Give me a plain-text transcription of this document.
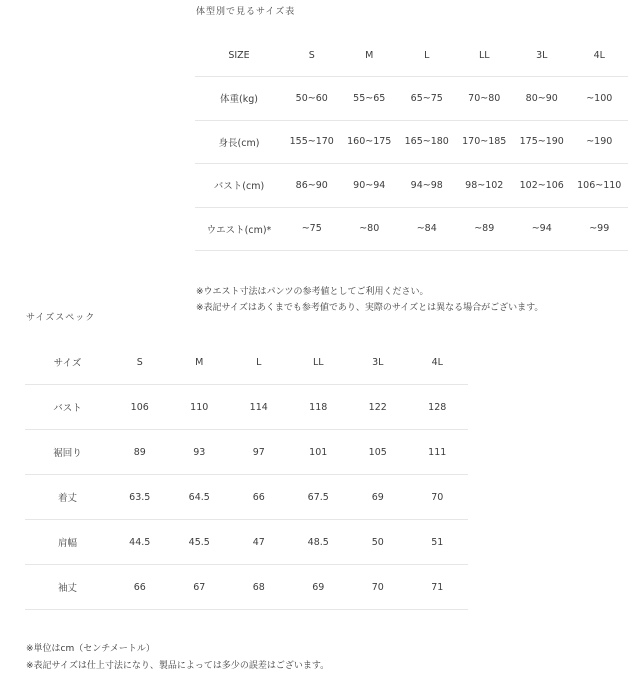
体型別で見るサイズ表
SIZE	S	M	L	LL	3L	4L
体重(kg)	50~60	55~65	65~75	70~80	80~90	~100
身長(cm)	155~170	160~175	165~180	170~185	175~190	~190
バスト(cm)	86~90	90~94	94~98	98~102	102~106	106~110
ウエスト(cm)*	~75	~80	~84	~89	~94	~99
※ウエスト寸法はパンツの参考値としてご利用ください。
※表記サイズはあくまでも参考値であり、実際のサイズとは異なる場合がございます。
サイズスペック
サイズ	S	M	L	LL	3L	4L
バスト	106	110	114	118	122	128
裾回り	89	93	97	101	105	111
着丈	63.5	64.5	66	67.5	69	70
肩幅	44.5	45.5	47	48.5	50	51
袖丈	66	67	68	69	70	71
※単位はcm（センチメートル）
※表記サイズは仕上寸法になり、製品によっては多少の誤差はございます。
